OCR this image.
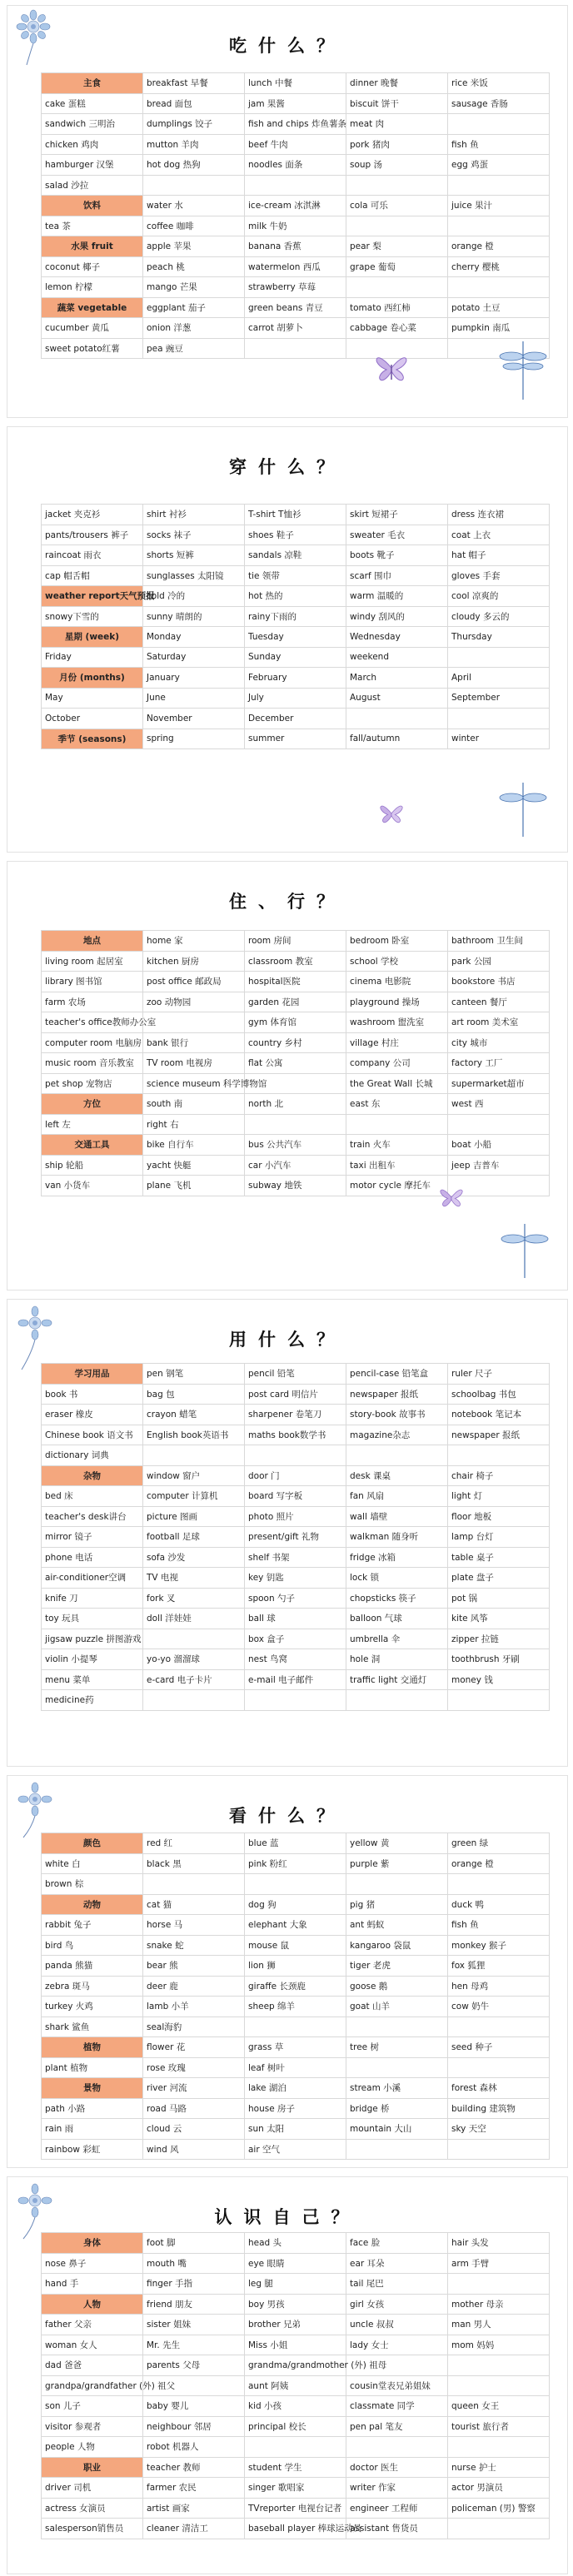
吃什么？
主食	breakfast 早餐	lunch 中餐	dinner 晚餐	rice 米饭
cake 蛋糕	bread 面包	jam 果酱	biscuit 饼干	sausage 香肠
sandwich 三明治	dumplings 饺子	fish and chips 炸鱼薯条	meat 肉	
chicken 鸡肉	mutton 羊肉	beef 牛肉	pork 猪肉	fish 鱼
hamburger 汉堡	hot dog 热狗	noodles 面条	soup 汤	egg 鸡蛋
salad 沙拉				
饮料	water 水	ice-cream 冰淇淋	cola 可乐	juice 果汁
tea 茶	coffee 咖啡	milk 牛奶		
水果 fruit	apple 苹果	banana 香蕉	pear 梨	orange 橙
coconut 椰子	peach 桃	watermelon 西瓜	grape 葡萄	cherry 樱桃
lemon 柠檬	mango 芒果	strawberry 草莓		
蔬菜 vegetable	eggplant 茄子	green beans 青豆	tomato 西红柿	potato 土豆
cucumber 黄瓜	onion 洋葱	carrot 胡萝卜	cabbage 卷心菜	pumpkin 南瓜
sweet potato红薯	pea 豌豆			
穿什么？
jacket 夹克衫	shirt 衬衫	T-shirt T恤衫	skirt 短裙子	dress 连衣裙
pants/trousers 裤子	socks 袜子	shoes 鞋子	sweater 毛衣	coat 上衣
raincoat 雨衣	shorts 短裤	sandals 凉鞋	boots 靴子	hat 帽子
cap 帽舌帽	sunglasses 太阳镜	tie 领带	scarf 围巾	gloves 手套
weather report天气预报	cold 冷的	hot 热的	warm 温暖的	cool 凉爽的
snowy下雪的	sunny 晴朗的	rainy下雨的	windy 刮风的	cloudy 多云的
星期 (week)	Monday	Tuesday	Wednesday	Thursday
Friday	Saturday	Sunday	weekend	
月份 (months)	January	February	March	April
May	June	July	August	September
October	November	December		
季节 (seasons)	spring	summer	fall/autumn	winter
住、行？
地点	home 家	room 房间	bedroom 卧室	bathroom 卫生间
living room 起居室	kitchen 厨房	classroom 教室	school 学校	park 公园
library 图书馆	post office 邮政局	hospital医院	cinema 电影院	bookstore 书店
farm 农场	zoo 动物园	garden 花园	playground 操场	canteen 餐厅
teacher's office教师办公室		gym 体育馆	washroom 盥洗室	art room 美术室
computer room 电脑房	bank 银行	country 乡村	village 村庄	city 城市
music room 音乐教室	TV room 电视房	flat 公寓	company 公司	factory 工厂
pet shop 宠物店	science museum 科学博物馆		the Great Wall 长城	supermarket超市
方位	south 南	north 北	east 东	west 西
left 左	right 右			
交通工具	bike 自行车	bus 公共汽车	train 火车	boat 小船
ship 轮船	yacht 快艇	car 小汽车	taxi 出租车	jeep 吉普车
van 小货车	plane 飞机	subway 地铁	motor cycle 摩托车	
用什么？
学习用品	pen 钢笔	pencil 铅笔	pencil-case 铅笔盒	ruler 尺子
book 书	bag 包	post card 明信片	newspaper 报纸	schoolbag 书包
eraser 橡皮	crayon 蜡笔	sharpener 卷笔刀	story-book 故事书	notebook 笔记本
Chinese book 语文书	English book英语书	maths book数学书	magazine杂志	newspaper 报纸
dictionary 词典				
杂物	window 窗户	door 门	desk 课桌	chair 椅子
bed 床	computer 计算机	board 写字板	fan 风扇	light 灯
teacher's desk讲台	picture 图画	photo 照片	wall 墙壁	floor 地板
mirror 镜子	football 足球	present/gift 礼物	walkman 随身听	lamp 台灯
phone 电话	sofa 沙发	shelf 书架	fridge 冰箱	table 桌子
air-conditioner空调	TV 电视	key 钥匙	lock 锁	plate 盘子
knife 刀	fork 叉	spoon 勺子	chopsticks 筷子	pot 锅
toy 玩具	doll 洋娃娃	ball 球	balloon 气球	kite 风筝
jigsaw puzzle 拼图游戏		box 盒子	umbrella 伞	zipper 拉链
violin 小提琴	yo-yo 溜溜球	nest 鸟窝	hole 洞	toothbrush 牙刷
menu 菜单	e-card 电子卡片	e-mail 电子邮件	traffic light 交通灯	money 钱
medicine药				
看什么？
颜色	red 红	blue 蓝	yellow 黄	green 绿
white 白	black 黑	pink 粉红	purple 紫	orange 橙
brown 棕				
动物	cat 猫	dog 狗	pig 猪	duck 鸭
rabbit 兔子	horse 马	elephant 大象	ant 蚂蚁	fish 鱼
bird 鸟	snake 蛇	mouse 鼠	kangaroo 袋鼠	monkey 猴子
panda 熊猫	bear 熊	lion 狮	tiger 老虎	fox 狐狸
zebra 斑马	deer 鹿	giraffe 长颈鹿	goose 鹅	hen 母鸡
turkey 火鸡	lamb 小羊	sheep 绵羊	goat 山羊	cow 奶牛
shark 鲨鱼	seal海豹			
植物	flower 花	grass 草	tree 树	seed 种子
plant 植物	rose 玫瑰	leaf 树叶		
景物	river 河流	lake 湖泊	stream 小溪	forest 森林
path 小路	road 马路	house 房子	bridge 桥	building 建筑物
rain 雨	cloud 云	sun 太阳	mountain 大山	sky 天空
rainbow 彩虹	wind 风	air 空气		
认识自己？
身体	foot 脚	head 头	face 脸	hair 头发
nose 鼻子	mouth 嘴	eye 眼睛	ear 耳朵	arm 手臂
hand 手	finger 手指	leg 腿	tail 尾巴	
人物	friend 朋友	boy 男孩	girl 女孩	mother 母亲
father 父亲	sister 姐妹	brother 兄弟	uncle 叔叔	man 男人
woman 女人	Mr. 先生	Miss 小姐	lady 女士	mom 妈妈
dad 爸爸	parents 父母	grandma/grandmother (外) 祖母		
grandpa/grandfather (外) 祖父		aunt 阿姨	cousin堂表兄弟姐妹	
son 儿子	baby 婴儿	kid 小孩	classmate 同学	queen 女王
visitor 参观者	neighbour 邻居	principal 校长	pen pal 笔友	tourist 旅行者
people 人物	robot 机器人			
职业	teacher 教师	student 学生	doctor 医生	nurse 护士
driver 司机	farmer 农民	singer 歌唱家	writer 作家	actor 男演员
actress 女演员	artist 画家	TVreporter 电视台记者	engineer 工程师	policeman (男) 警察
salesperson销售员	cleaner 清洁工	baseball player 棒球运动员	assistant 售货员	
